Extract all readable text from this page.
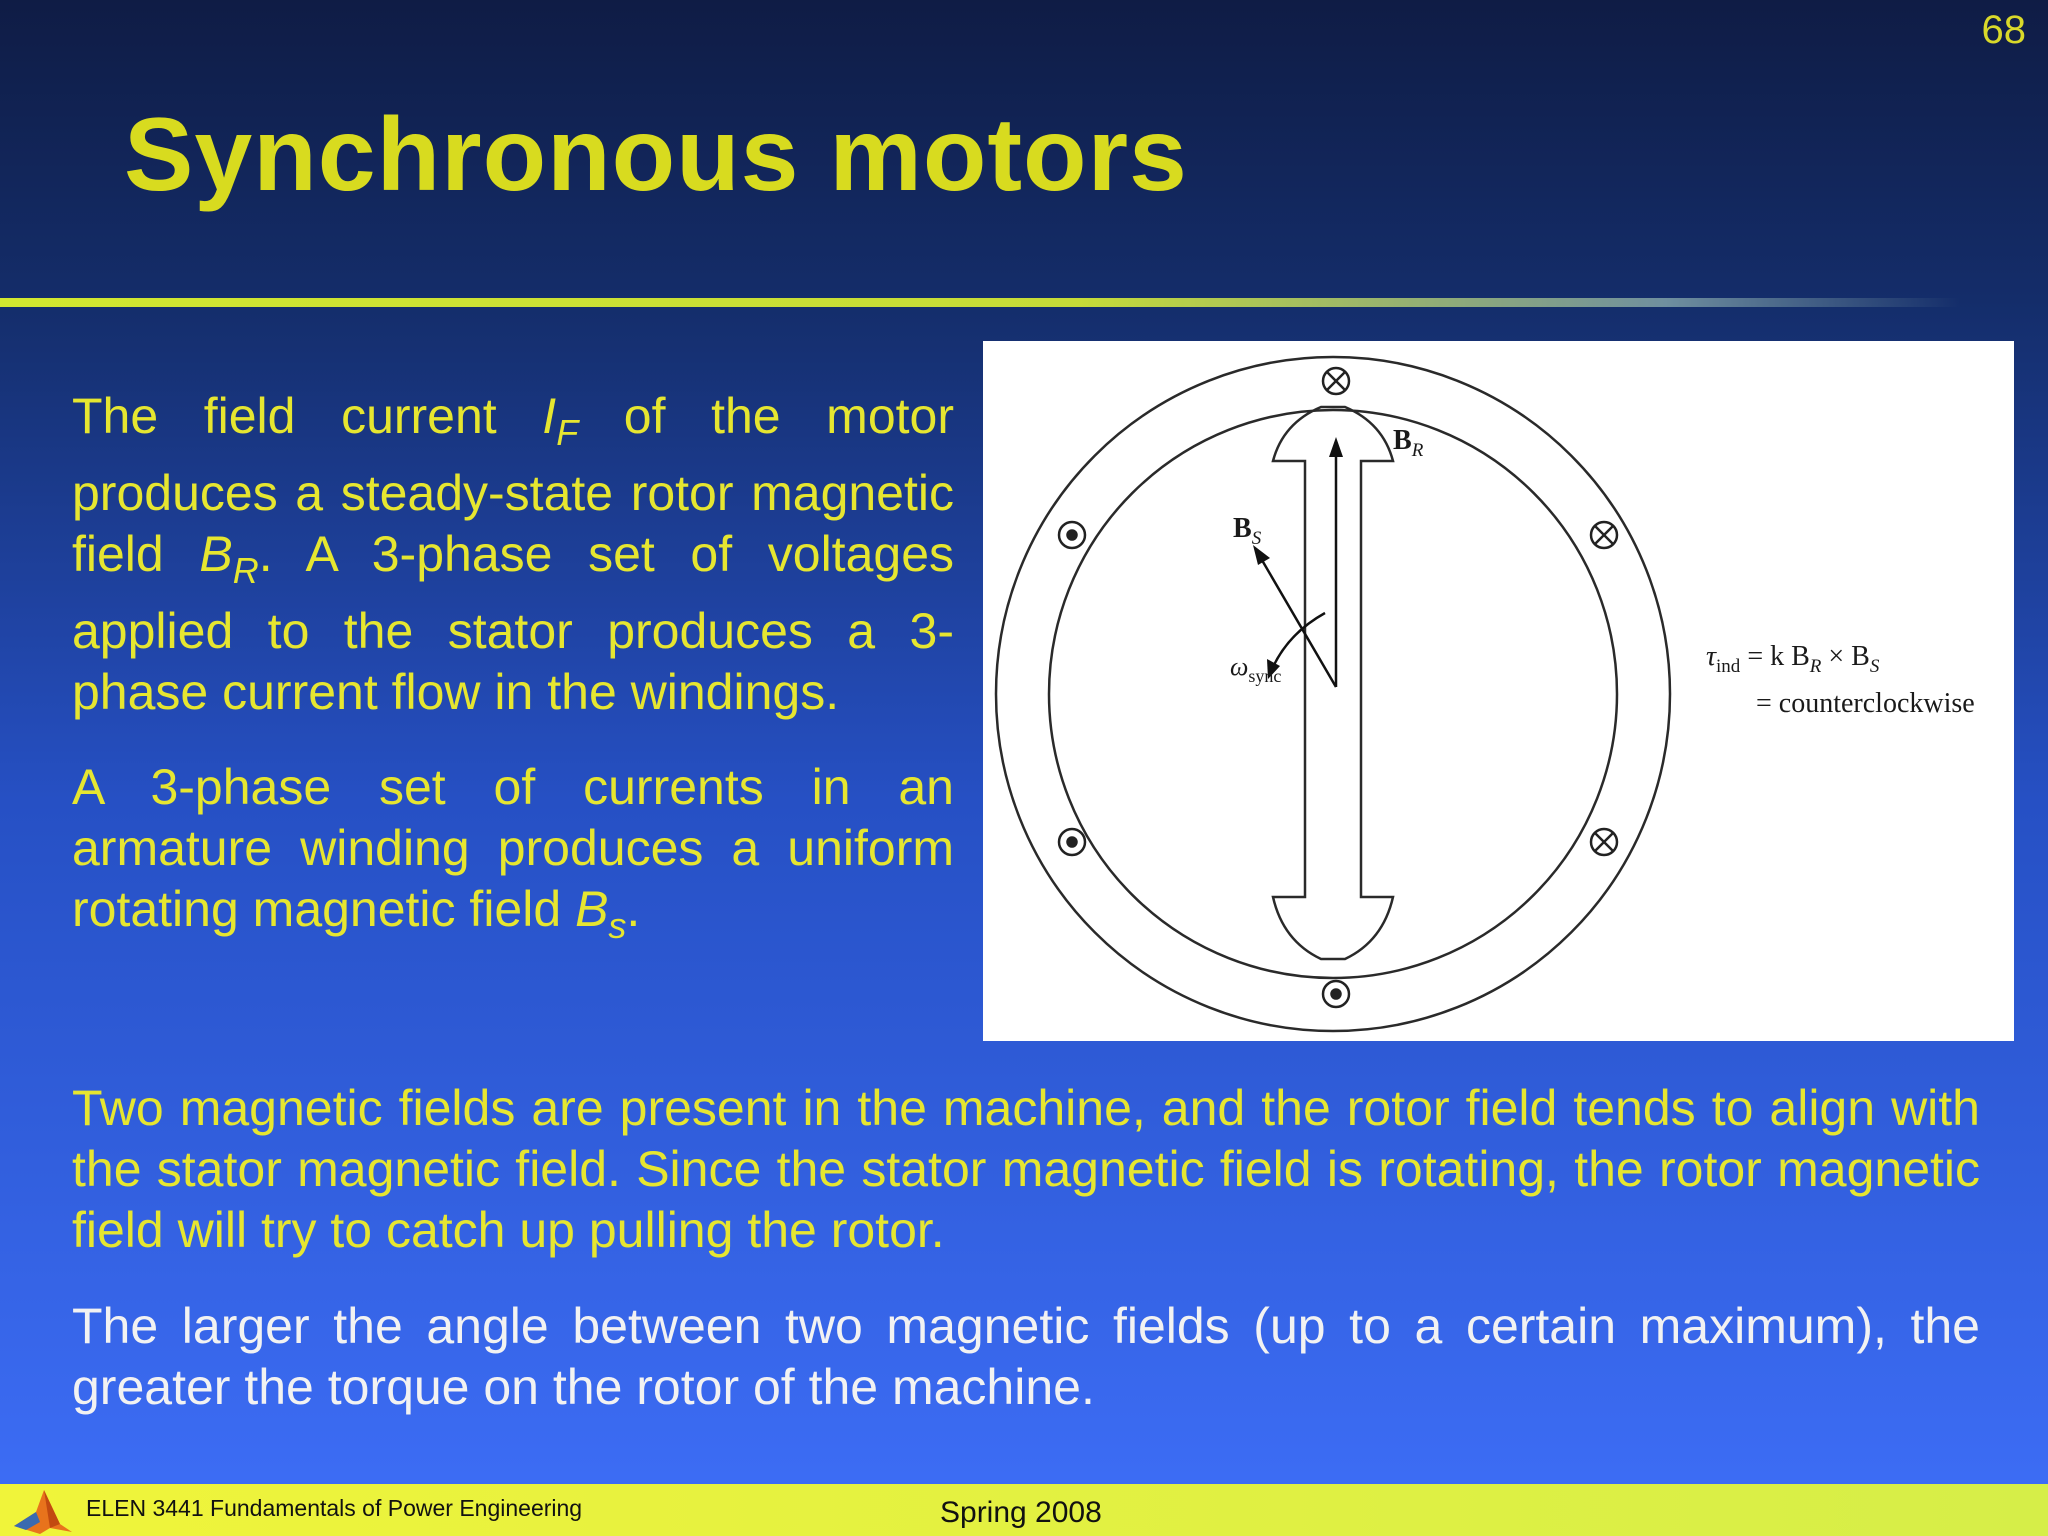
68
Synchronous motors

The field current $I_F$ of the motor produces a steady-state rotor magnetic field $B_R$. A 3-phase set of voltages applied to the stator produces a 3-phase current flow in the windings.

A 3-phase set of currents in an armature winding produces a uniform rotating magnetic field $B_s$.

$B_R$
$B_S$
$\omega_{sync}$
$\tau_{ind} = k$ $B_R \times B_S$
= counterclockwise

Two magnetic fields are present in the machine, and the rotor field tends to align with the stator magnetic field. Since the stator magnetic field is rotating, the rotor magnetic field will try to catch up pulling the rotor.

The larger the angle between two magnetic fields (up to a certain maximum), the greater the torque on the rotor of the machine.

ELEN 3441 Fundamentals of Power Engineering	Spring 2008
